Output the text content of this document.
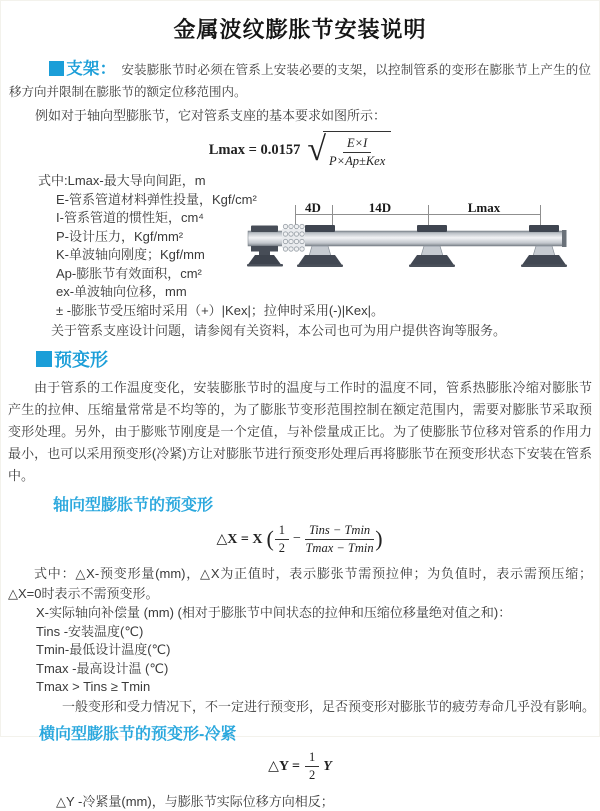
金属波纹膨胀节安装说明

支架： 安装膨胀节时必须在管系上安装必要的支架，以控制管系的变形在膨胀节上产生的位移方向并限制在膨胀节的额定位移范围内。

例如对于轴向型膨胀节，它对管系支座的基本要求如图所示：

Lmax = 0.0157 √ $\frac{E\times I}{\text{P×Ap±Kex}}$
式中:Lmax-最大导向间距，m
E-管系管道材料弹性投量，Kgf/cm²
I-管系管道的惯性矩，cm⁴
P-设计压力，Kgf/mm²
K-单波轴向刚度；Kgf/mm
Ap-膨胀节有效面积，cm²
ex-单波轴向位移，mm
4D	14D	Lmax
± -膨胀节受压缩时采用（+）|Kex|；拉伸时采用(-)|Kex|。
关于管系支座设计问题，请参阅有关资料，本公司也可为用户提供咨询等服务。
预变形

由于管系的工作温度变化，安装膨胀节时的温度与工作时的温度不同，管系热膨胀冷缩对膨胀节产生的拉伸、压缩量常常是不均等的，为了膨胀节变形范围控制在额定范围内，需要对膨胀节采取预变形处理。另外，由于膨账节刚度是一个定值，与补偿量成正比。为了使膨胀节位移对管系的作用力最小，也可以采用预变形(冷紧)方让对膨胀节进行预变形处理后再将膨胀节在预变形状态下安装在管系中。

轴向型膨胀节的预变形
△X = X ( $\frac{1}{2} - \frac{\text{Tins − Tmin}}{Tmax - Tmin}$ )

式中：△X-预变形量(mm)，△X为正值时，表示膨张节需预拉伸；为负值时，表示需预压缩；△X=0时表示不需预变形。

X-实际轴向补偿量 (mm) (相对于膨胀节中间状态的拉伸和压缩位移量绝对值之和)：
Tins -安装温度(℃)
Tmin-最低设计温度(℃)
Tmax -最高设计温 (℃)
Tmax > Tins ≥ Tmin
一般变形和受力情况下，不一定进行预变形，足否预变形对膨胀节的疲劳寿命几乎没有影响。
横向型膨胀节的预变形-冷紧
△Y = $\frac{1}{2}$ Y
△Y -冷紧量(mm)，与膨胀节实际位移方向相反；
